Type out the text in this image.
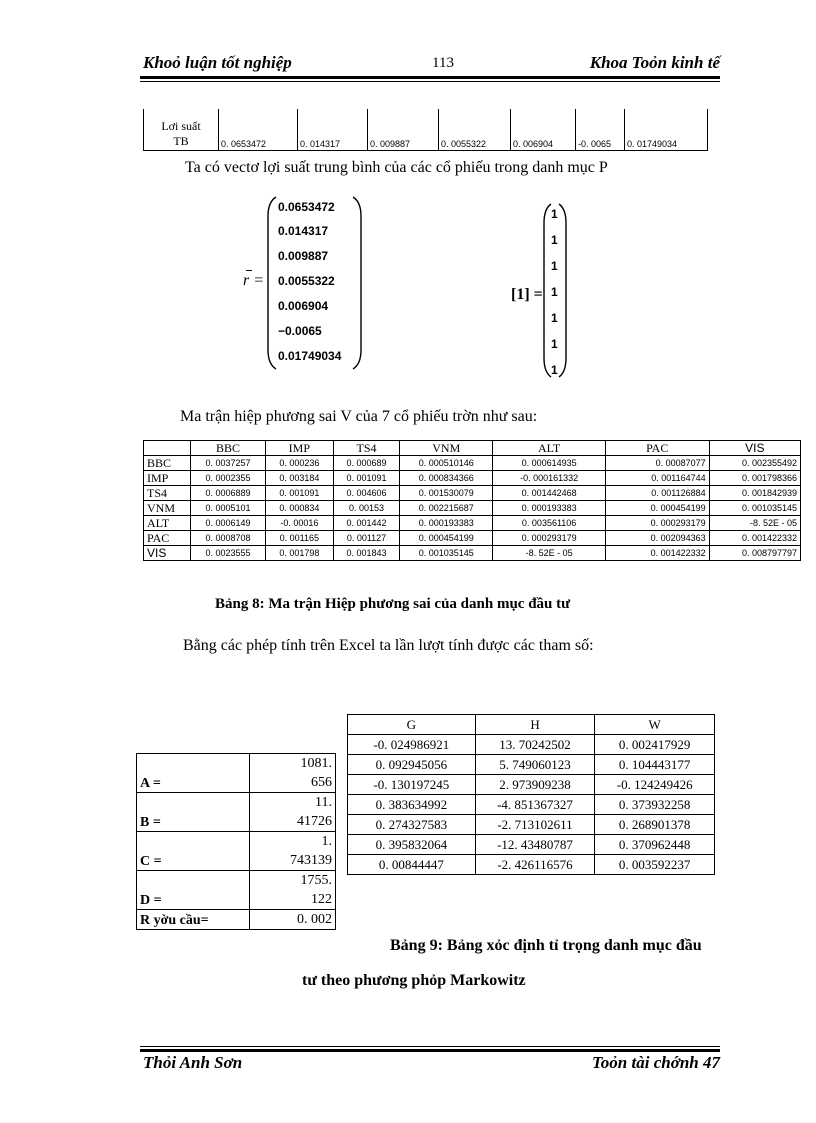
Khoỏ luận tốt nghiệp	113	Khoa Toỏn kinh tế
Lơi suất
TB	0. 0653472	0. 014317	0. 009887	0. 0055322	0. 006904	-0. 0065	0. 01749034
Ta có vectơ lợi suất trung bình của các cổ phiếu trong danh mục P
r =
0.0653472
0.014317
0.009887
0.0055322
0.006904
−0.0065
0.01749034
[1] =
1
1
1
1
1
1
1
Ma trận hiệp phương sai V của 7 cổ phiếu trờn như sau:
	BBC	IMP	TS4	VNM	ALT	PAC	VIS
BBC	0. 0037257	0. 000236	0. 000689	0. 000510146	0. 000614935	0. 00087077	0. 002355492
IMP	0. 0002355	0. 003184	0. 001091	0. 000834366	-0. 000161332	0. 001164744	0. 001798366
TS4	0. 0006889	0. 001091	0. 004606	0. 001530079	0. 001442468	0. 001126884	0. 001842939
VNM	0. 0005101	0. 000834	0. 00153	0. 002215687	0. 000193383	0. 000454199	0. 001035145
ALT	0. 0006149	-0. 00016	0. 001442	0. 000193383	0. 003561106	0. 000293179	-8. 52E - 05
PAC	0. 0008708	0. 001165	0. 001127	0. 000454199	0. 000293179	0. 002094363	0. 001422332
VIS	0. 0023555	0. 001798	0. 001843	0. 001035145	-8. 52E - 05	0. 001422332	0. 008797797
Bảng 8: Ma trận Hiệp phương sai của danh mục đầu tư
Bằng các phép tính trên Excel ta lần lượt tính được các tham số:
G	H	W
-0. 024986921	13. 70242502	0. 002417929
0. 092945056	5. 749060123	0. 104443177
-0. 130197245	2. 973909238	-0. 124249426
0. 383634992	-4. 851367327	0. 373932258
0. 274327583	-2. 713102611	0. 268901378
0. 395832064	-12. 43480787	0. 370962448
0. 00844447	-2. 426116576	0. 003592237
A =	1081.
656

B =	11.
41726

C =	1.
743139

D =	1755.
122

R yờu cầu=	0. 002
Bảng 9: Bảng xỏc định tỉ trọng danh mục đầu
tư theo phương phỏp Markowitz
Thỏi Anh Sơn	Toỏn tài chớnh 47
